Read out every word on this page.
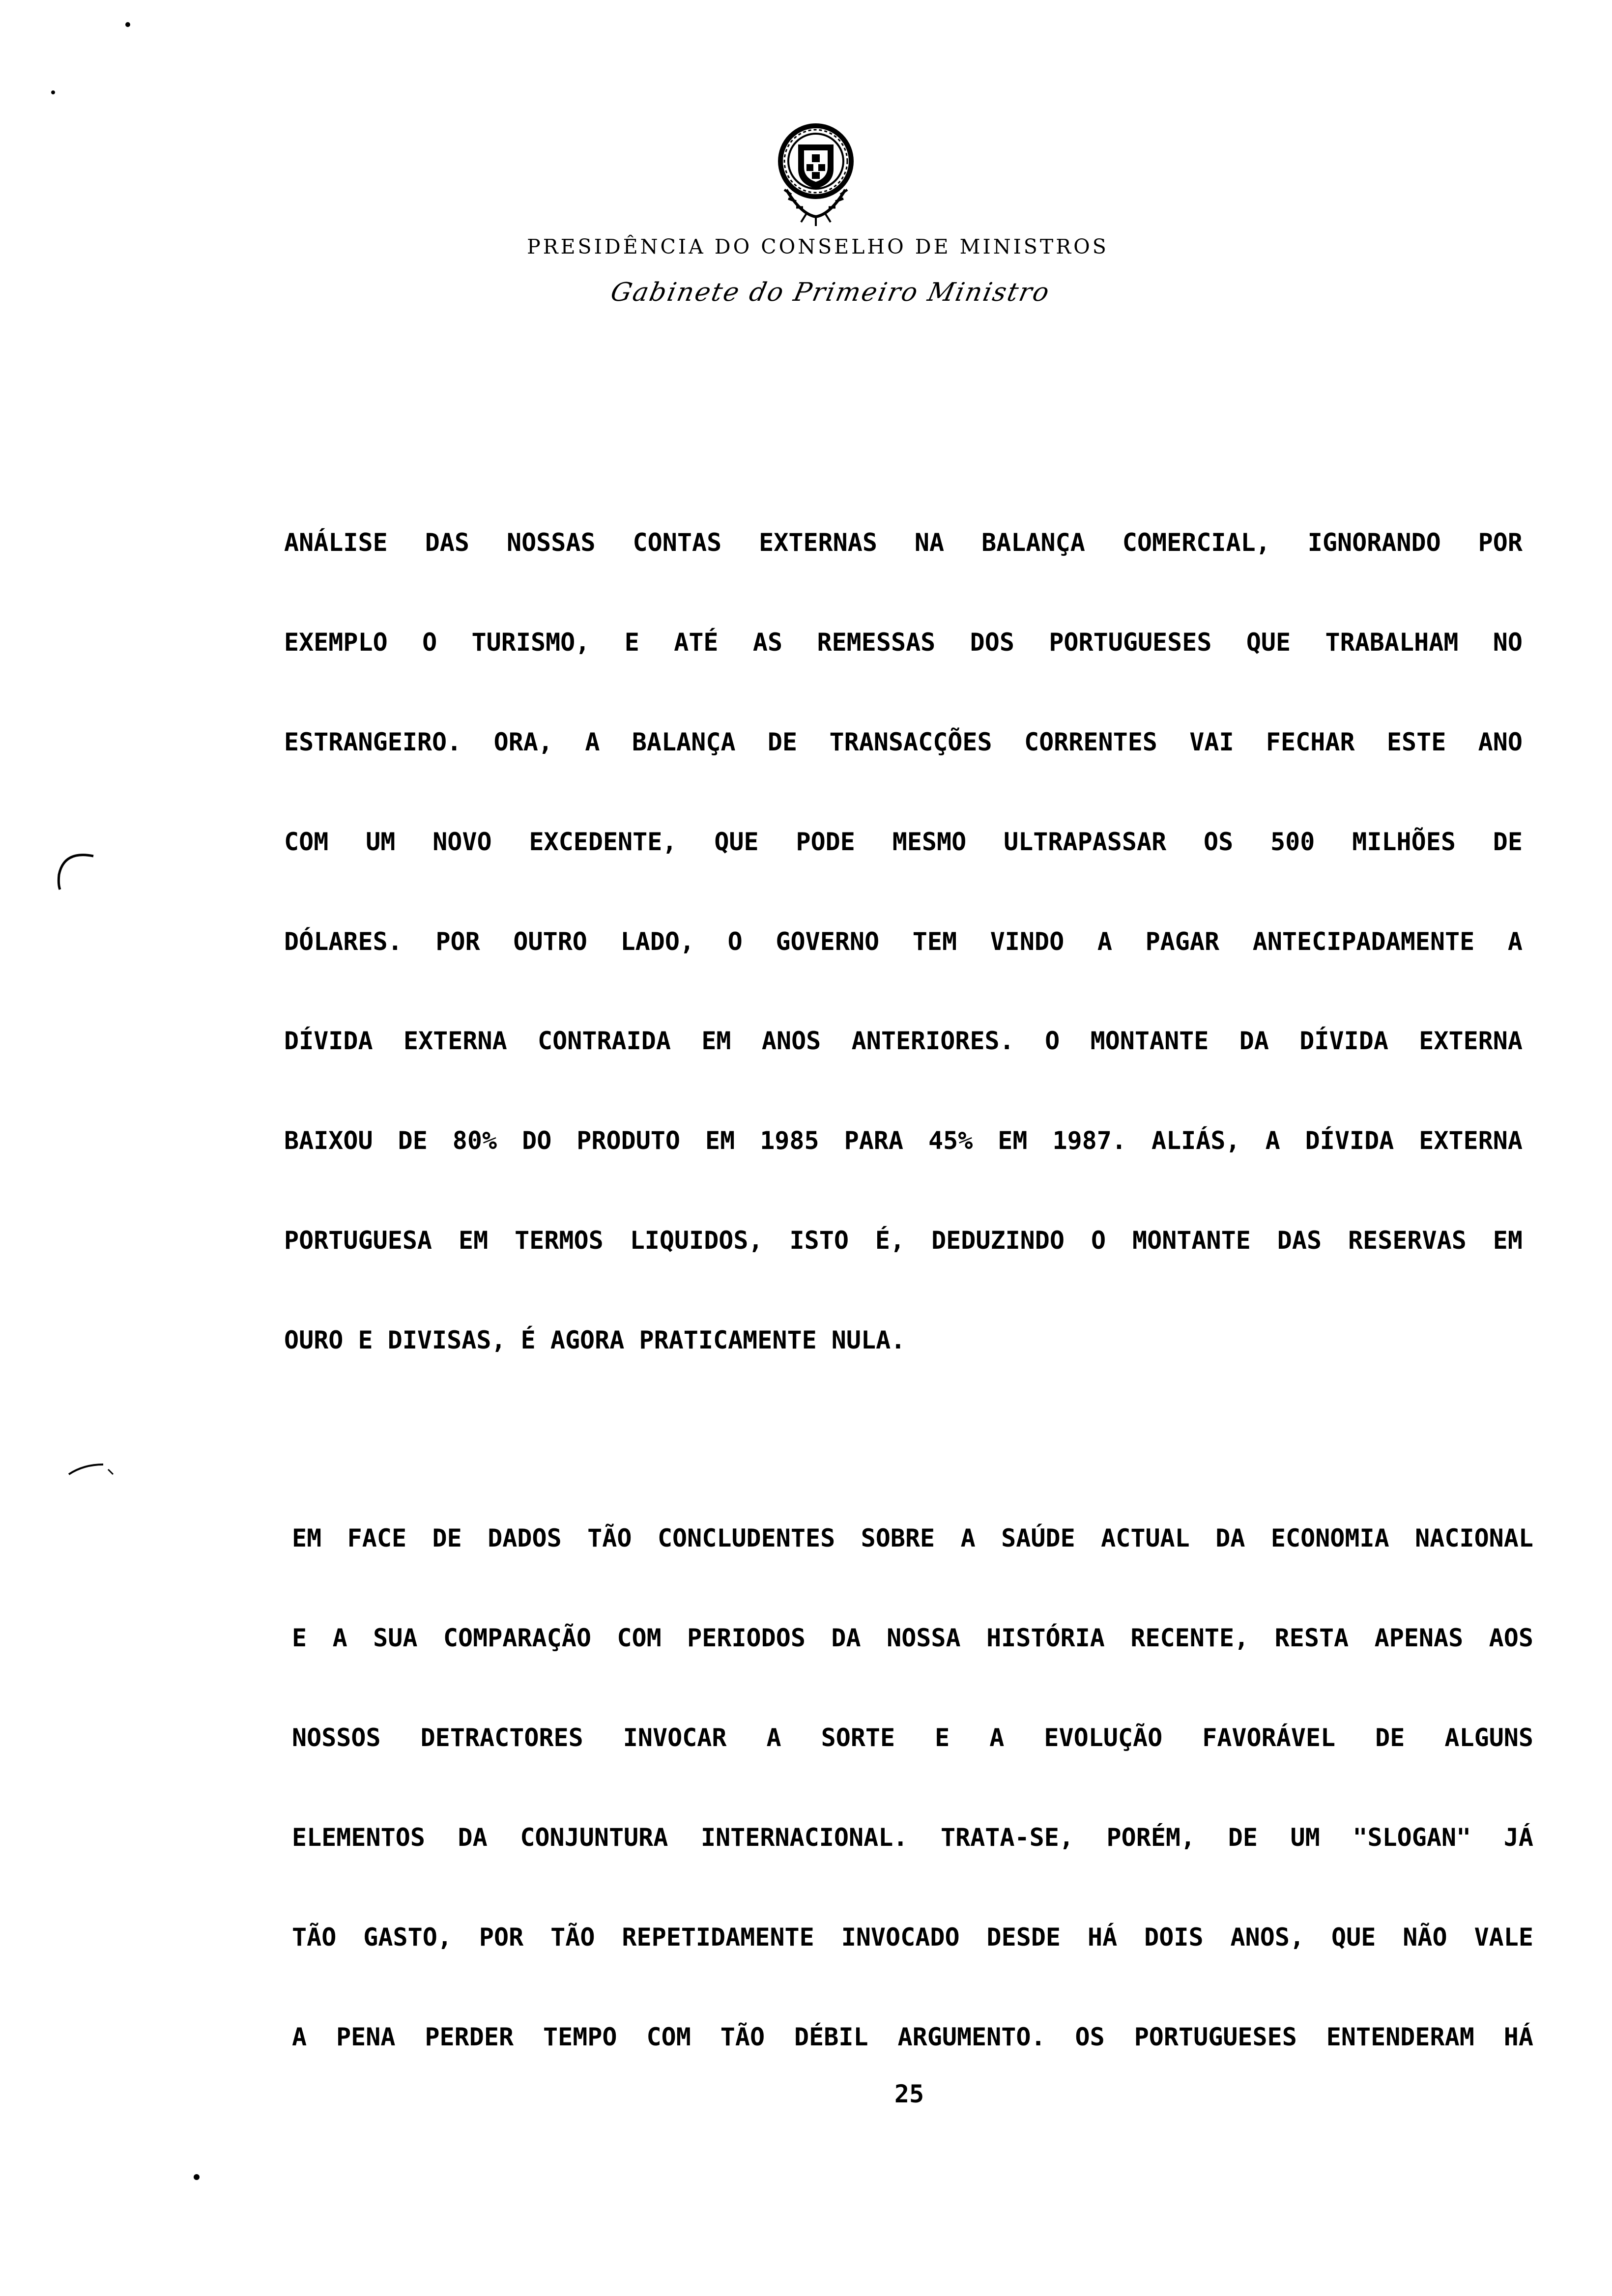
PRESIDÊNCIA DO CONSELHO DE MINISTROS
Gabinete do Primeiro Ministro
ANÁLISE DAS NOSSAS CONTAS EXTERNAS NA BALANÇA COMERCIAL, IGNORANDO POR
EXEMPLO O TURISMO, E ATÉ AS REMESSAS DOS PORTUGUESES QUE TRABALHAM NO
ESTRANGEIRO. ORA, A BALANÇA DE TRANSACÇÕES CORRENTES VAI FECHAR ESTE ANO
COM UM NOVO EXCEDENTE, QUE PODE MESMO ULTRAPASSAR OS 500 MILHÕES DE
DÓLARES. POR OUTRO LADO, O GOVERNO TEM VINDO A PAGAR ANTECIPADAMENTE A
DÍVIDA EXTERNA CONTRAIDA EM ANOS ANTERIORES. O MONTANTE DA DÍVIDA EXTERNA
BAIXOU DE 80% DO PRODUTO EM 1985 PARA 45% EM 1987. ALIÁS, A DÍVIDA EXTERNA
PORTUGUESA EM TERMOS LIQUIDOS, ISTO É, DEDUZINDO O MONTANTE DAS RESERVAS EM
OURO E DIVISAS, É AGORA PRATICAMENTE NULA.
EM FACE DE DADOS TÃO CONCLUDENTES SOBRE A SAÚDE ACTUAL DA ECONOMIA NACIONAL
E A SUA COMPARAÇÃO COM PERIODOS DA NOSSA HISTÓRIA RECENTE, RESTA APENAS AOS
NOSSOS DETRACTORES INVOCAR A SORTE E A EVOLUÇÃO FAVORÁVEL DE ALGUNS
ELEMENTOS DA CONJUNTURA INTERNACIONAL. TRATA-SE, PORÉM, DE UM "SLOGAN" JÁ
TÃO GASTO, POR TÃO REPETIDAMENTE INVOCADO DESDE HÁ DOIS ANOS, QUE NÃO VALE
A PENA PERDER TEMPO COM TÃO DÉBIL ARGUMENTO. OS PORTUGUESES ENTENDERAM HÁ
25
